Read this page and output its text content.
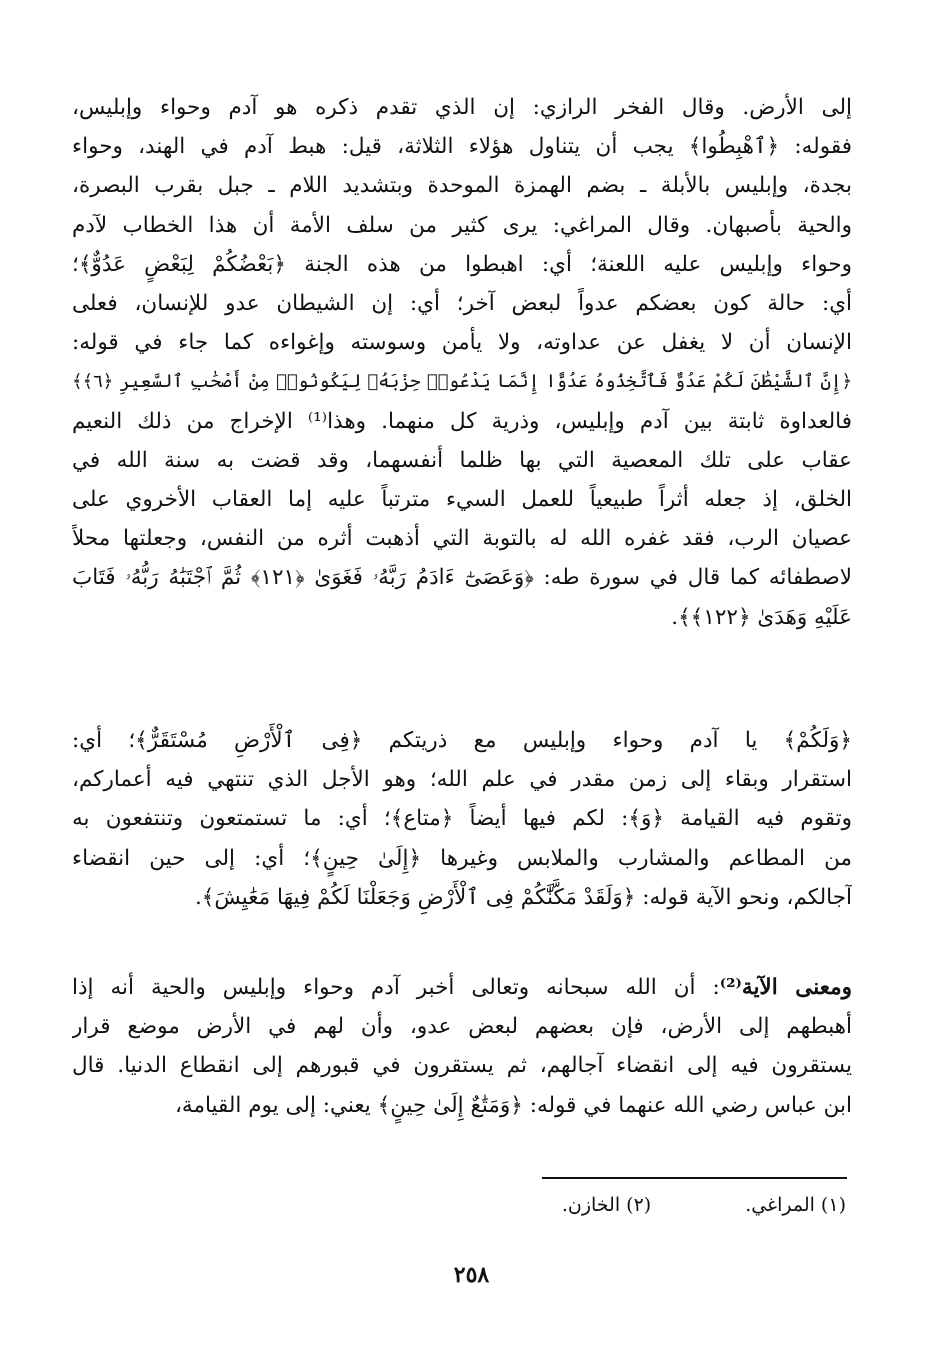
إلى الأرض. وقال الفخر الرازي: إن الذي تقدم ذكره هو آدم وحواء وإبليس،
فقوله: ﴿ٱهْبِطُوا﴾ يجب أن يتناول هؤلاء الثلاثة، قيل: هبط آدم في الهند، وحواء
بجدة، وإبليس بالأبلة ـ بضم الهمزة الموحدة وبتشديد اللام ـ جبل بقرب البصرة،
والحية بأصبهان. وقال المراغي: يرى كثير من سلف الأمة أن هذا الخطاب لآدم
وحواء وإبليس عليه اللعنة؛ أي: اهبطوا من هذه الجنة ﴿بَعْضُكُمْ لِبَعْضٍ عَدُوٌّ﴾؛
أي: حالة كون بعضكم عدواً لبعض آخر؛ أي: إن الشيطان عدو للإنسان، فعلى
الإنسان أن لا يغفل عن عداوته، ولا يأمن وسوسته وإغواءه كما جاء في قوله:
﴿إِنَّ ٱلشَّيْطَٰنَ لَكُمْ عَدُوٌّ فَٱتَّخِذُوهُ عَدُوًّا إِنَّمَا يَدْعُوا۟ حِزْبَهُۥ لِيَكُونُوا۟ مِنْ أَصْحَٰبِ ٱلسَّعِيرِ ﴿٦﴾﴾
فالعداوة ثابتة بين آدم وإبليس، وذرية كل منهما. وهذا⁽¹⁾ الإخراج من ذلك النعيم
عقاب على تلك المعصية التي بها ظلما أنفسهما، وقد قضت به سنة الله في
الخلق، إذ جعله أثراً طبيعياً للعمل السيء مترتباً عليه إما العقاب الأخروي على
عصيان الرب، فقد غفره الله له بالتوبة التي أذهبت أثره من النفس، وجعلتها محلاً
لاصطفائه كما قال في سورة طه: ﴿وَعَصَىٰٓ ءَادَمُ رَبَّهُۥ فَغَوَىٰ ﴿١٢١﴾ ثُمَّ ٱجْتَبَٰهُ رَبُّهُۥ فَتَابَ
عَلَيْهِ وَهَدَىٰ ﴿١٢٢﴾﴾.
﴿وَلَكُمْ﴾ يا آدم وحواء وإبليس مع ذريتكم ﴿فِى ٱلْأَرْضِ مُسْتَقَرٌّ﴾؛ أي:
استقرار وبقاء إلى زمن مقدر في علم الله؛ وهو الأجل الذي تنتهي فيه أعماركم،
وتقوم فيه القيامة ﴿وَ﴾: لكم فيها أيضاً ﴿متاع﴾؛ أي: ما تستمتعون وتنتفعون به
من المطاعم والمشارب والملابس وغيرها ﴿إِلَىٰ حِينٍ﴾؛ أي: إلى حين انقضاء
آجالكم، ونحو الآية قوله: ﴿وَلَقَدْ مَكَّنَّٰكُمْ فِى ٱلْأَرْضِ وَجَعَلْنَا لَكُمْ فِيهَا مَعَٰيِشَ﴾.
ومعنى الآية⁽²⁾: أن الله سبحانه وتعالى أخبر آدم وحواء وإبليس والحية أنه إذا
أهبطهم إلى الأرض، فإن بعضهم لبعض عدو، وأن لهم في الأرض موضع قرار
يستقرون فيه إلى انقضاء آجالهم، ثم يستقرون في قبورهم إلى انقطاع الدنيا. قال
ابن عباس رضي الله عنهما في قوله: ﴿وَمَتَٰعٌ إِلَىٰ حِينٍ﴾ يعني: إلى يوم القيامة،
(١) المراغي. (٢) الخازن.
٢٥٨
